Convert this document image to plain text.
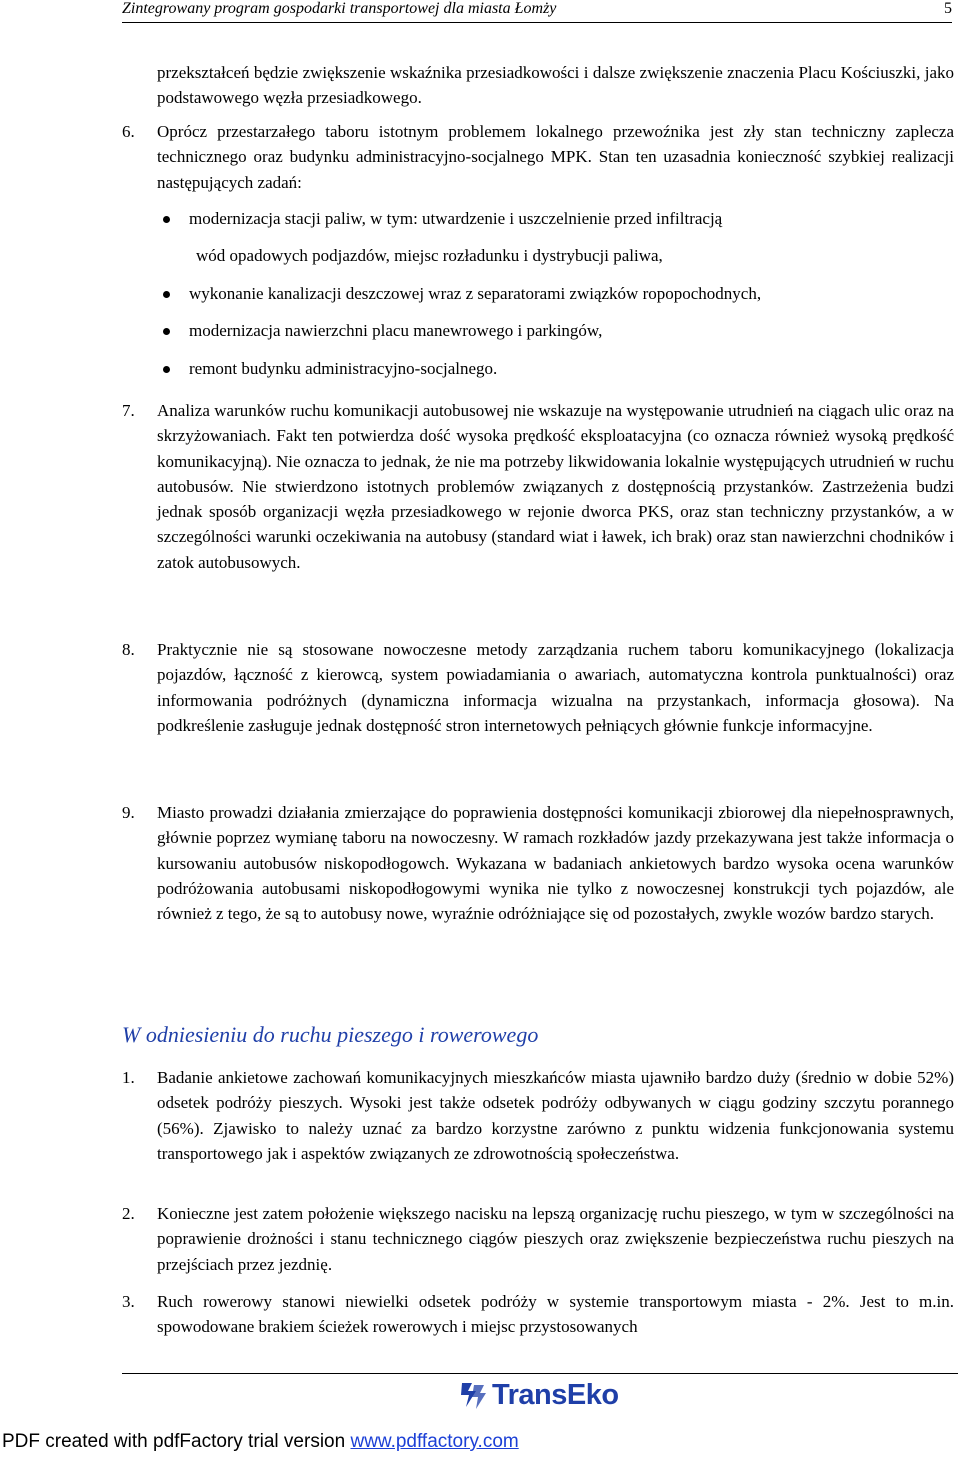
Zintegrowany program gospodarki transportowej dla miasta Łomży	5
przekształceń będzie zwiększenie wskaźnika przesiadkowości i dalsze zwiększenie znaczenia Placu Kościuszki, jako podstawowego węzła przesiadkowego.
6. Oprócz przestarzałego taboru istotnym problemem lokalnego przewoźnika jest zły stan techniczny zaplecza technicznego oraz budynku administracyjno-socjalnego MPK. Stan ten uzasadnia konieczność szybkiej realizacji następujących zadań:
modernizacja stacji paliw, w tym: utwardzenie i uszczelnienie przed infiltracją
wód opadowych podjazdów, miejsc rozładunku i dystrybucji paliwa,
wykonanie kanalizacji deszczowej wraz z separatorami związków ropopochodnych,
modernizacja nawierzchni placu manewrowego i parkingów,
remont budynku administracyjno-socjalnego.
7. Analiza warunków ruchu komunikacji autobusowej nie wskazuje na występowanie utrudnień na ciągach ulic oraz na skrzyżowaniach. Fakt ten potwierdza dość wysoka prędkość eksploatacyjna (co oznacza również wysoką prędkość komunikacyjną). Nie oznacza to jednak, że nie ma potrzeby likwidowania lokalnie występujących utrudnień w ruchu autobusów. Nie stwierdzono istotnych problemów związanych z dostępnością przystanków. Zastrzeżenia budzi jednak sposób organizacji węzła przesiadkowego w rejonie dworca PKS, oraz stan techniczny przystanków, a w szczególności warunki oczekiwania na autobusy (standard wiat i ławek, ich brak) oraz stan nawierzchni chodników i zatok autobusowych.
8. Praktycznie nie są stosowane nowoczesne metody zarządzania ruchem taboru komunikacyjnego (lokalizacja pojazdów, łączność z kierowcą, system powiadamiania o awariach, automatyczna kontrola punktualności) oraz informowania podróżnych (dynamiczna informacja wizualna na przystankach, informacja głosowa). Na podkreślenie zasługuje jednak dostępność stron internetowych pełniących głównie funkcje informacyjne.
9. Miasto prowadzi działania zmierzające do poprawienia dostępności komunikacji zbiorowej dla niepełnosprawnych, głównie poprzez wymianę taboru na nowoczesny. W ramach rozkładów jazdy przekazywana jest także informacja o kursowaniu autobusów niskopodłogowch. Wykazana w badaniach ankietowych bardzo wysoka ocena warunków podróżowania autobusami niskopodłogowymi wynika nie tylko z nowoczesnej konstrukcji tych pojazdów, ale również z tego, że są to autobusy nowe, wyraźnie odróżniające się od pozostałych, zwykle wozów bardzo starych.
W odniesieniu do ruchu pieszego i rowerowego
1. Badanie ankietowe zachowań komunikacyjnych mieszkańców miasta ujawniło bardzo duży (średnio w dobie 52%) odsetek podróży pieszych. Wysoki jest także odsetek podróży odbywanych w ciągu godziny szczytu porannego (56%). Zjawisko to należy uznać za bardzo korzystne zarówno z punktu widzenia funkcjonowania systemu transportowego jak i aspektów związanych ze zdrowotnością społeczeństwa.
2. Konieczne jest zatem położenie większego nacisku na lepszą organizację ruchu pieszego, w tym w szczególności na poprawienie drożności i stanu technicznego ciągów pieszych oraz zwiększenie bezpieczeństwa ruchu pieszych na przejściach przez jezdnię.
3. Ruch rowerowy stanowi niewielki odsetek podróży w systemie transportowym miasta - 2%. Jest to m.in. spowodowane brakiem ścieżek rowerowych i miejsc przystosowanych
TransEko
PDF created with pdfFactory trial version www.pdffactory.com
